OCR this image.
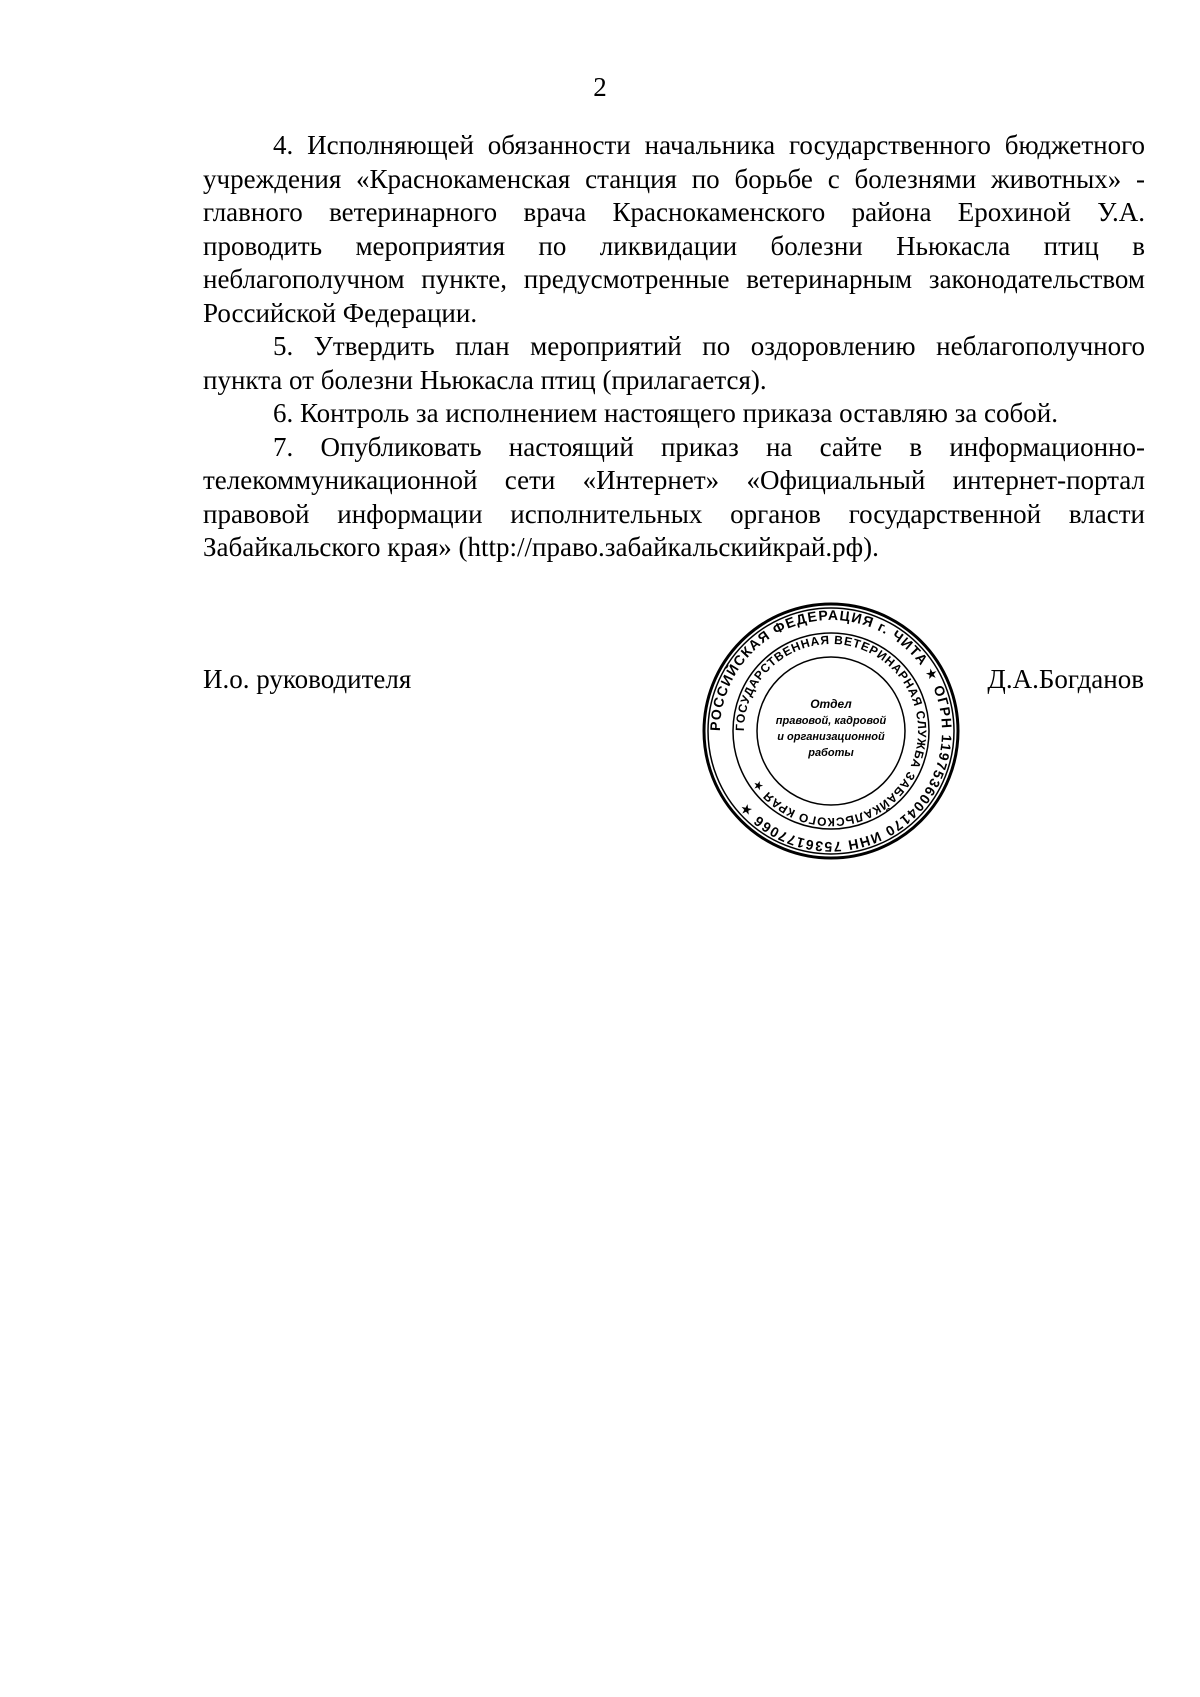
2

4. Исполняющей обязанности начальника государственного бюджетного учреждения «Краснокаменская станция по борьбе с болезнями животных» - главного ветеринарного врача Краснокаменского района Ерохиной У.А. проводить мероприятия по ликвидации болезни Ньюкасла птиц в неблагополучном пункте, предусмотренные ветеринарным законодательством Российской Федерации.

5. Утвердить план мероприятий по оздоровлению неблагополучного пункта от болезни Ньюкасла птиц (прилагается).

6. Контроль за исполнением настоящего приказа оставляю за собой.

7. Опубликовать настоящий приказ на сайте в информационно-телекоммуникационной сети «Интернет» «Официальный интернет-портал правовой информации исполнительных органов государственной власти Забайкальского края» (http://право.забайкальскийкрай.рф).

И.о. руководителя
РОССИЙСКАЯ ФЕДЕРАЦИЯ г. ЧИТА ★ ОГРН 1197536004170 ИНН 7536177066 ★
ГОСУДАРСТВЕННАЯ ВЕТЕРИНАРНАЯ СЛУЖБА ЗАБАЙКАЛЬСКОГО КРАЯ ★
Отдел
правовой, кадровой
и организационной
работы
Д.А.Богданов
